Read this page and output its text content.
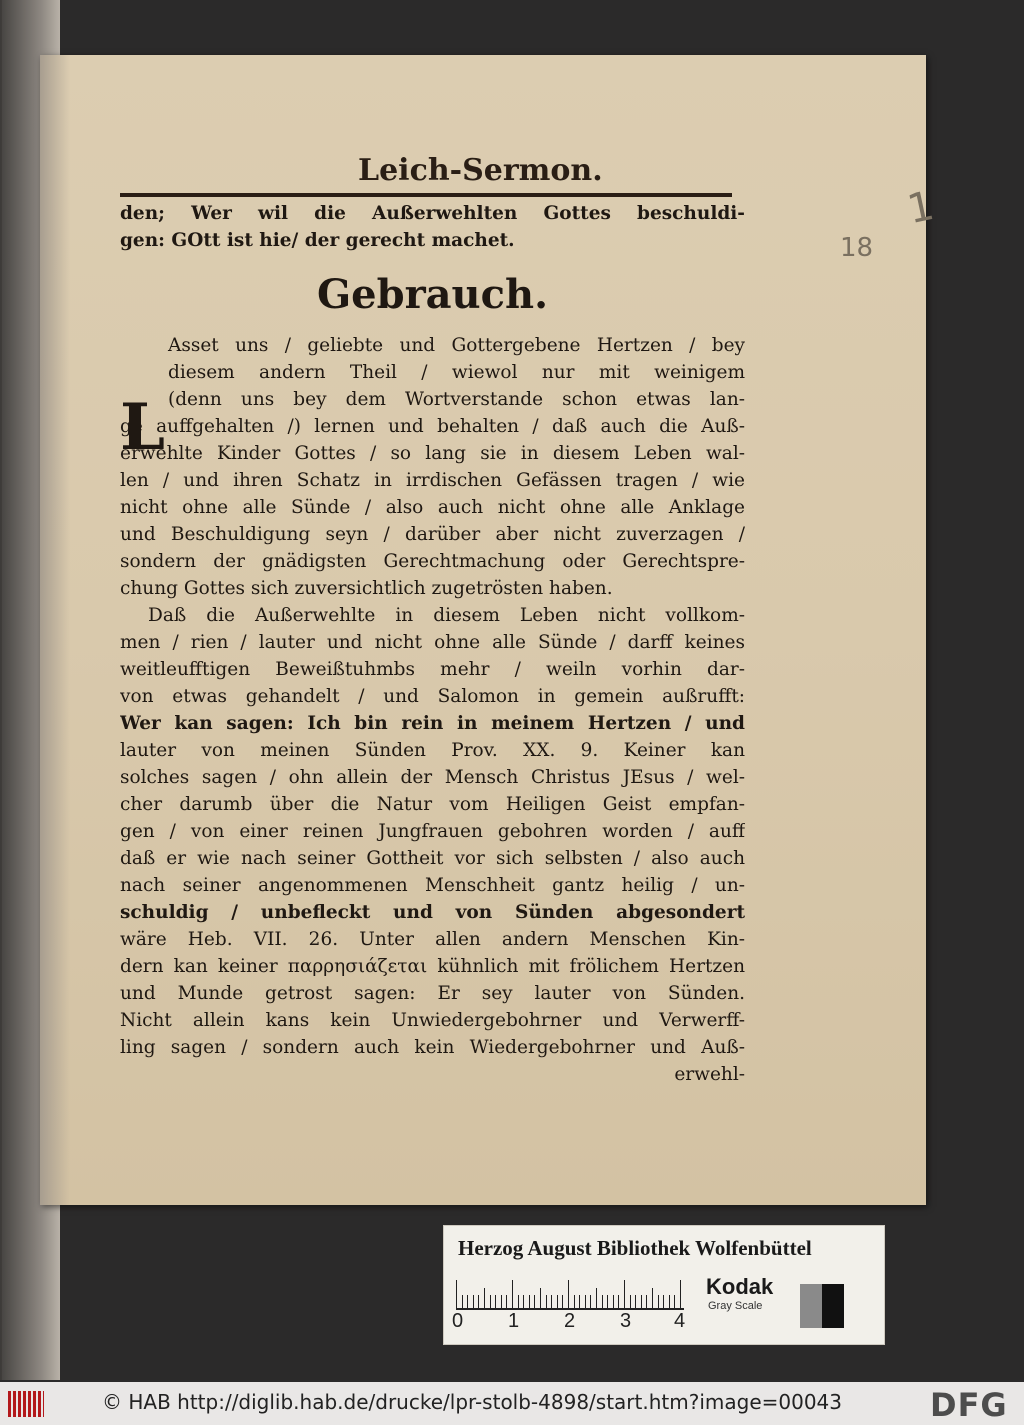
Leich-Sermon.
1
18
den; Wer wil die Außerwehlten Gottes beschuldi-
gen: GOtt ist hie/ der gerecht machet.
Gebrauch.
L
Asset uns / geliebte und Gottergebene Hertzen / bey
diesem andern Theil / wiewol nur mit weinigem
(denn uns bey dem Wortverstande schon etwas lan-
ge auffgehalten /) lernen und behalten / daß auch die Auß-
erwehlte Kinder Gottes / so lang sie in diesem Leben wal-
len / und ihren Schatz in irrdischen Gefässen tragen / wie
nicht ohne alle Sünde / also auch nicht ohne alle Anklage
und Beschuldigung seyn / darüber aber nicht zuverzagen /
sondern der gnädigsten Gerechtmachung oder Gerechtspre-
chung Gottes sich zuversichtlich zugetrösten haben.
Daß die Außerwehlte in diesem Leben nicht vollkom-
men / rien / lauter und nicht ohne alle Sünde / darff keines
weitleufftigen Beweißtuhmbs mehr / weiln vorhin dar-
von etwas gehandelt / und Salomon in gemein außrufft:
Wer kan sagen: Ich bin rein in meinem Hertzen / und
lauter von meinen Sünden Prov. XX. 9. Keiner kan
solches sagen / ohn allein der Mensch Christus JEsus / wel-
cher darumb über die Natur vom Heiligen Geist empfan-
gen / von einer reinen Jungfrauen gebohren worden / auff
daß er wie nach seiner Gottheit vor sich selbsten / also auch
nach seiner angenommenen Menschheit gantz heilig / un-
schuldig / unbefleckt und von Sünden abgesondert
wäre Heb. VII. 26. Unter allen andern Menschen Kin-
dern kan keiner παρρησιάζεται kühnlich mit frölichem Hertzen
und Munde getrost sagen: Er sey lauter von Sünden.
Nicht allein kans kein Unwiedergebohrner und Verwerff-
ling sagen / sondern auch kein Wiedergebohrner und Auß-
erwehl-
Herzog August Bibliothek Wolfenbüttel
0 1 2 3 4
Kodak
Gray Scale
© HAB http://diglib.hab.de/drucke/lpr-stolb-4898/start.htm?image=00043	DFG
